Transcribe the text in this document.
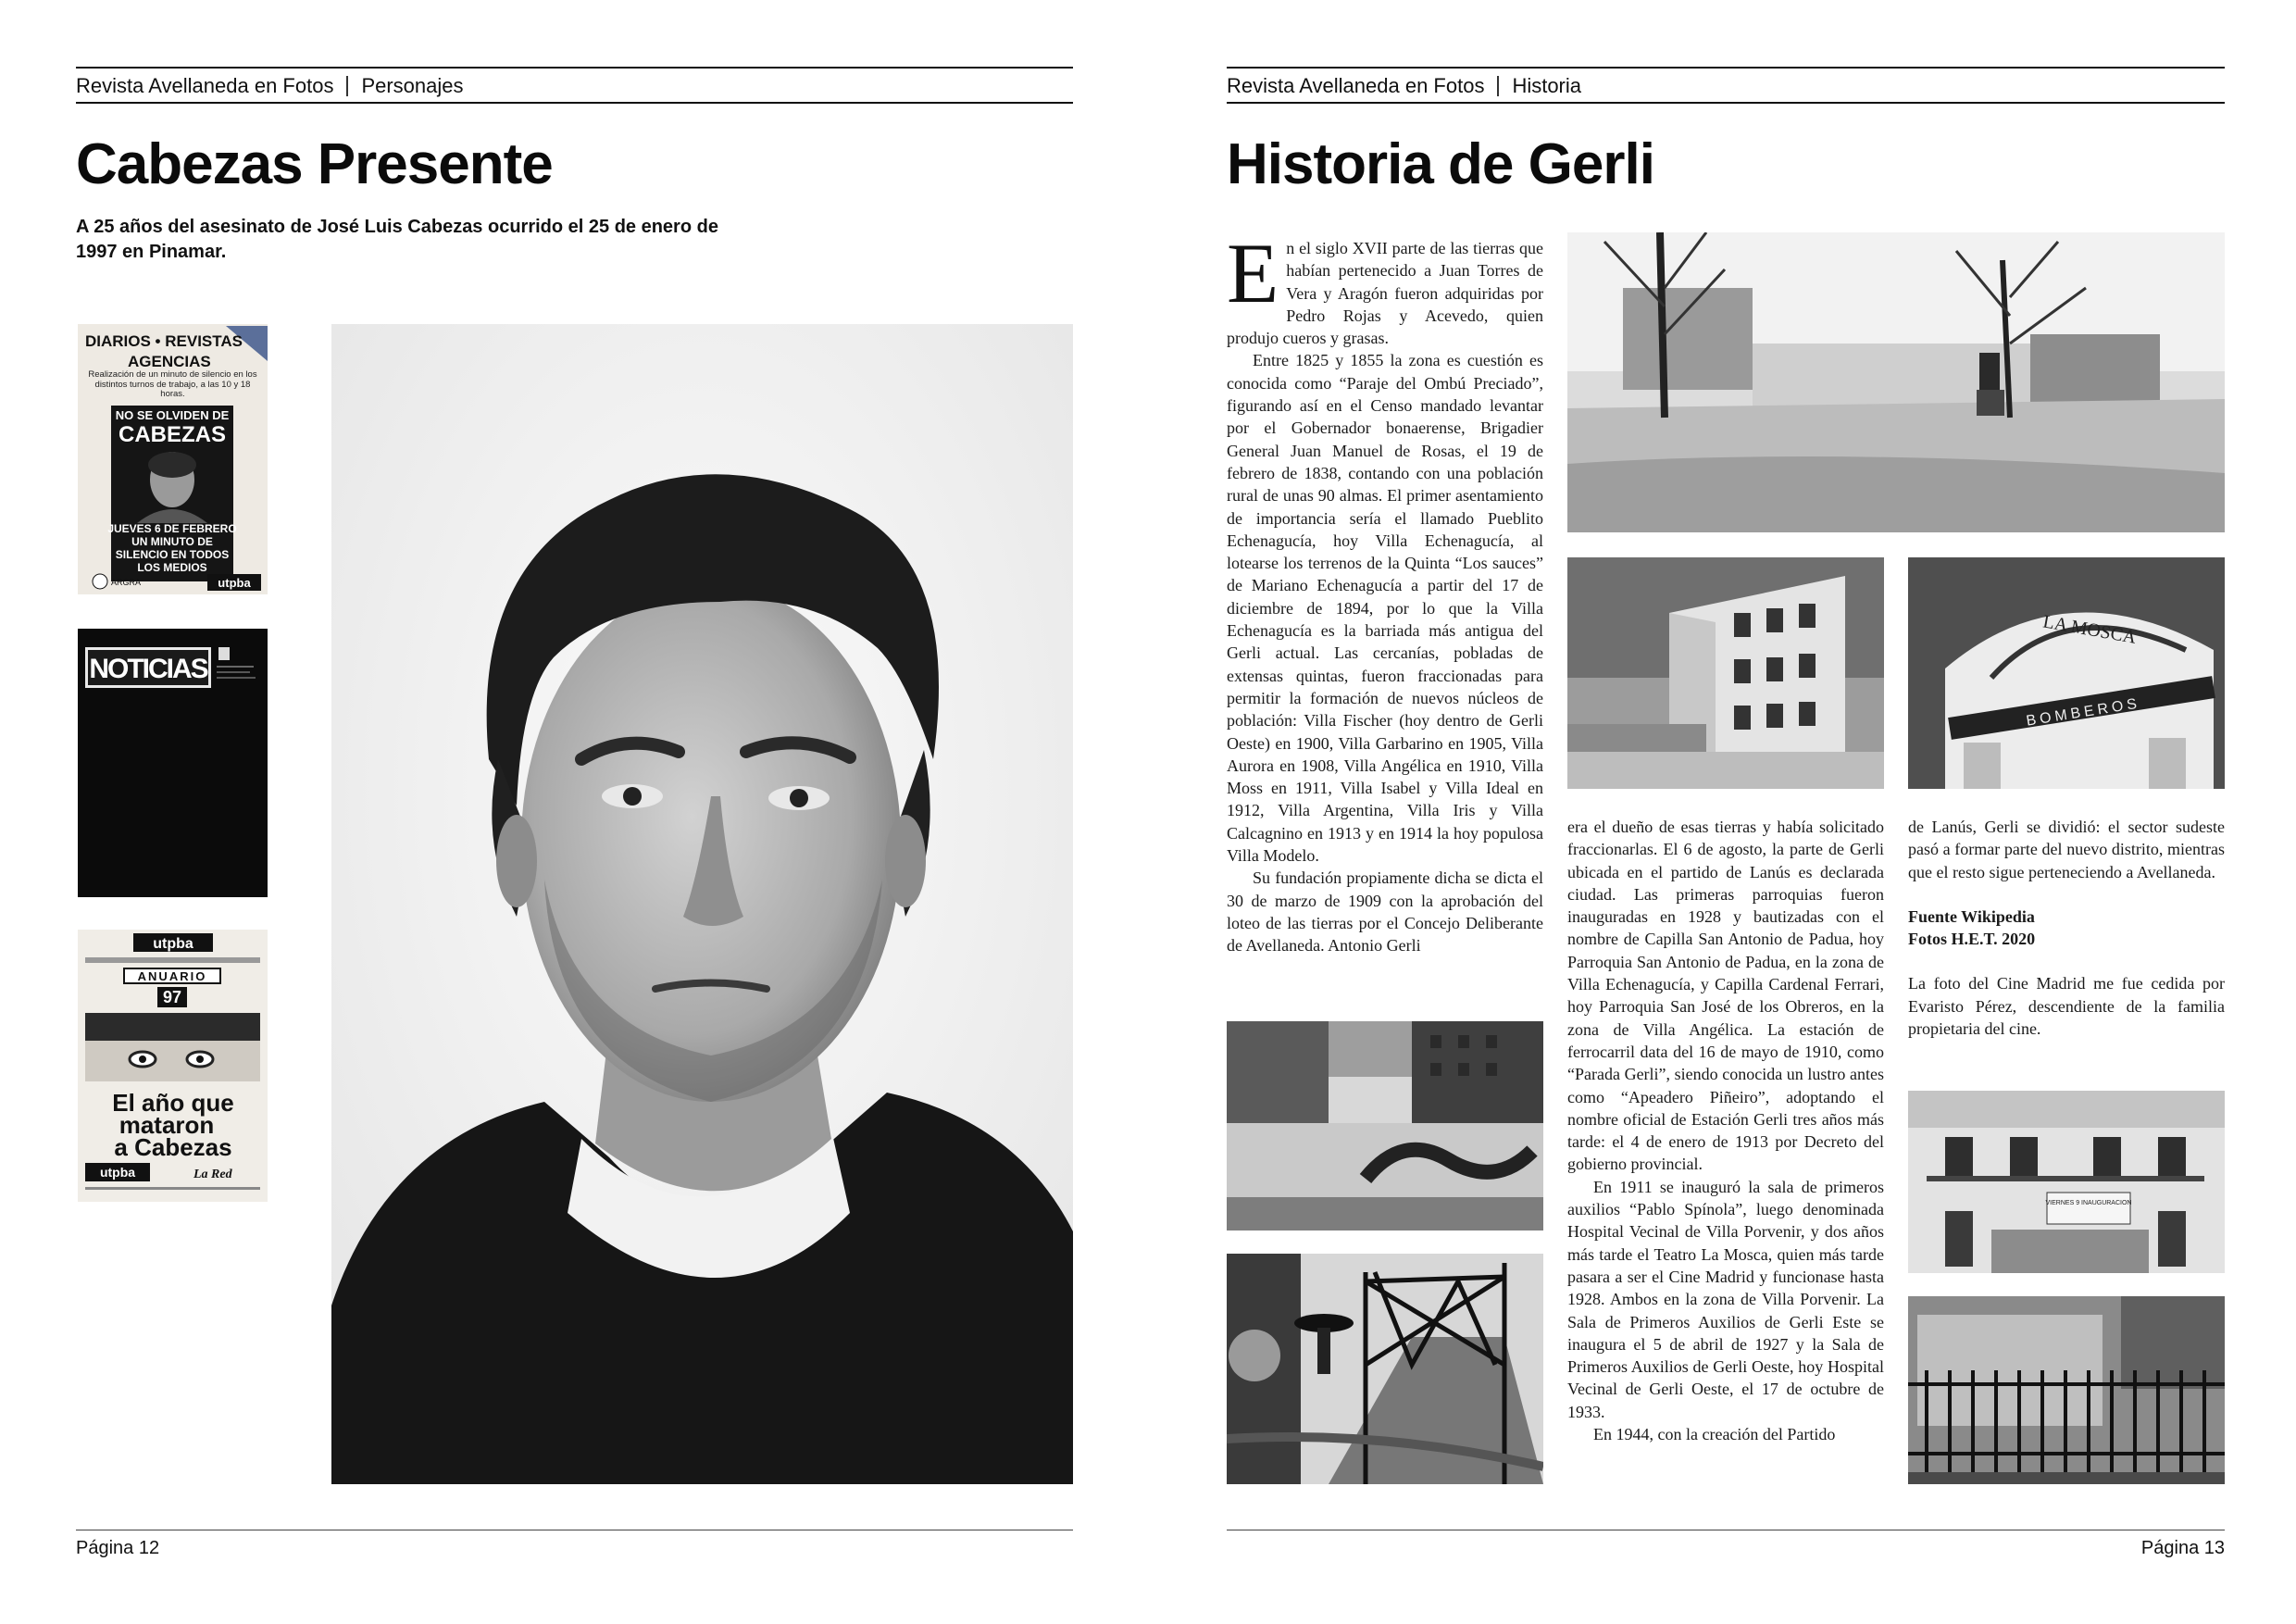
Revista Avellaneda en Fotos Personajes
Cabezas Presente
A 25 años del asesinato de José Luis Cabezas ocurrido el 25 de enero de 1997 en Pinamar.
DIARIOS • REVISTAS
AGENCIAS
Realización de un minuto de silencio en los distintos turnos de trabajo, a las 10 y 18 horas.
NO SE OLVIDEN DE
CABEZAS
JUEVES 6 DE FEBRERO
UN MINUTO DE
SILENCIO EN TODOS
LOS MEDIOS
ARGRA	utpba
NOTICIAS
utpba
ANUARIO
97
El año que
mataron
a Cabezas
utpba	La Red
Página 12
Revista Avellaneda en Fotos Historia
Historia de Gerli
LA MOSCA
BOMBEROS
VIERNES 9 INAUGURACION

En el siglo XVII parte de las tierras que habían pertenecido a Juan Torres de Vera y Aragón fueron adquiridas por Pedro Rojas y Acevedo, quien produjo cueros y grasas.

Entre 1825 y 1855 la zona es cuestión es conocida como “Paraje del Ombú Preciado”, figurando así en el Censo mandado levantar por el Gobernador bonaerense, Brigadier General Juan Manuel de Rosas, el 19 de febrero de 1838, contando con una población rural de unas 90 almas. El primer asentamiento de importancia sería el llamado Pueblito Echenagucía, hoy Villa Echenagucía, al lotearse los terrenos de la Quinta “Los sauces” de Mariano Echenagucía a partir del 17 de diciembre de 1894, por lo que la Villa Echenagucía es la barriada más antigua del Gerli actual. Las cercanías, pobladas de extensas quintas, fueron fraccionadas para permitir la formación de nuevos núcleos de población: Villa Fischer (hoy dentro de Gerli Oeste) en 1900, Villa Garbarino en 1905, Villa Aurora en 1908, Villa Angélica en 1910, Villa Moss en 1911, Villa Isabel y Villa Ideal en 1912, Villa Argentina, Villa Iris y Villa Calcagnino en 1913 y en 1914 la hoy populosa Villa Modelo.

Su fundación propiamente dicha se dicta el 30 de marzo de 1909 con la aprobación del loteo de las tierras por el Concejo Deliberante de Avellaneda. Antonio Gerli

era el dueño de esas tierras y había solicitado fraccionarlas. El 6 de agosto, la parte de Gerli ubicada en el partido de Lanús es declarada ciudad. Las primeras parroquias fueron inauguradas en 1928 y bautizadas con el nombre de Capilla San Antonio de Padua, hoy Parroquia San Antonio de Padua, en la zona de Villa Echenagucía, y Capilla Cardenal Ferrari, hoy Parroquia San José de los Obreros, en la zona de Villa Angélica. La estación de ferrocarril data del 16 de mayo de 1910, como “Parada Gerli”, siendo conocida un lustro antes como “Apeadero Piñeiro”, adoptando el nombre oficial de Estación Gerli tres años más tarde: el 4 de enero de 1913 por Decreto del gobierno provincial.

En 1911 se inauguró la sala de primeros auxilios “Pablo Spínola”, luego denominada Hospital Vecinal de Villa Porvenir, y dos años más tarde el Teatro La Mosca, quien más tarde pasara a ser el Cine Madrid y funcionase hasta 1928. Ambos en la zona de Villa Porvenir. La Sala de Primeros Auxilios de Gerli Este se inaugura el 5 de abril de 1927 y la Sala de Primeros Auxilios de Gerli Oeste, hoy Hospital Vecinal de Gerli Oeste, el 17 de octubre de 1933.

En 1944, con la creación del Partido

de Lanús, Gerli se dividió: el sector sudeste pasó a formar parte del nuevo distrito, mientras que el resto sigue perteneciendo a Avellaneda.

Fuente Wikipedia

Fotos H.E.T. 2020

La foto del Cine Madrid me fue cedida por Evaristo Pérez, descendiente de la familia propietaria del cine.

Página 13
